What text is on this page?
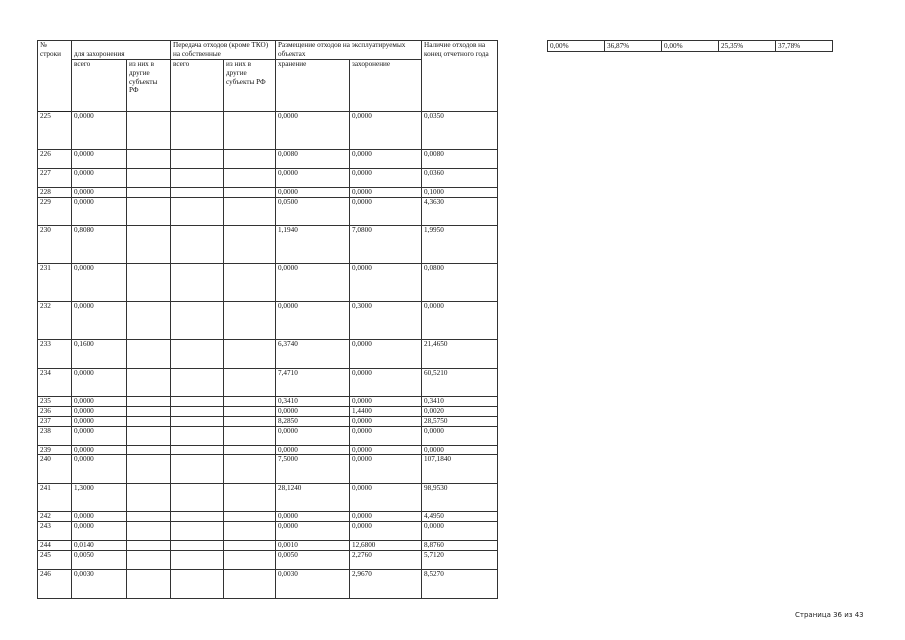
№
строки	для захоронения		Передача отходов (кроме ТКО) на собственные		Размещение отходов на эксплуатируемых объектах		Наличие отходов на конец отчетного года
	всего	из них в другие субъекты РФ	всего	из них в другие субъекты РФ	хранение	захоронение	
225	0,0000				0,0000	0,0000	0,0350
226	0,0000				0,0080	0,0000	0,0080
227	0,0000				0,0000	0,0000	0,0360
228	0,0000				0,0000	0,0000	0,1000
229	0,0000				0,0500	0,0000	4,3630
230	0,8080				1,1940	7,0800	1,9950
231	0,0000				0,0000	0,0000	0,0800
232	0,0000				0,0000	0,3000	0,0000
233	0,1600				6,3740	0,0000	21,4650
234	0,0000				7,4710	0,0000	60,5210
235	0,0000				0,3410	0,0000	0,3410
236	0,0000				0,0000	1,4400	0,0020
237	0,0000				8,2850	0,0000	28,5750
238	0,0000				0,0000	0,0000	0,0000
239	0,0000				0,0000	0,0000	0,0000
240	0,0000				7,5000	0,0000	107,1840
241	1,3000				28,1240	0,0000	98,9530
242	0,0000				0,0000	0,0000	4,4950
243	0,0000				0,0000	0,0000	0,0000
244	0,0140				0,0010	12,6800	8,8760
245	0,0050				0,0050	2,2760	5,7120
246	0,0030				0,0030	2,9670	8,5270
0,00%	36,87%	0,00%	25,35%	37,78%
Страница 36 из 43
